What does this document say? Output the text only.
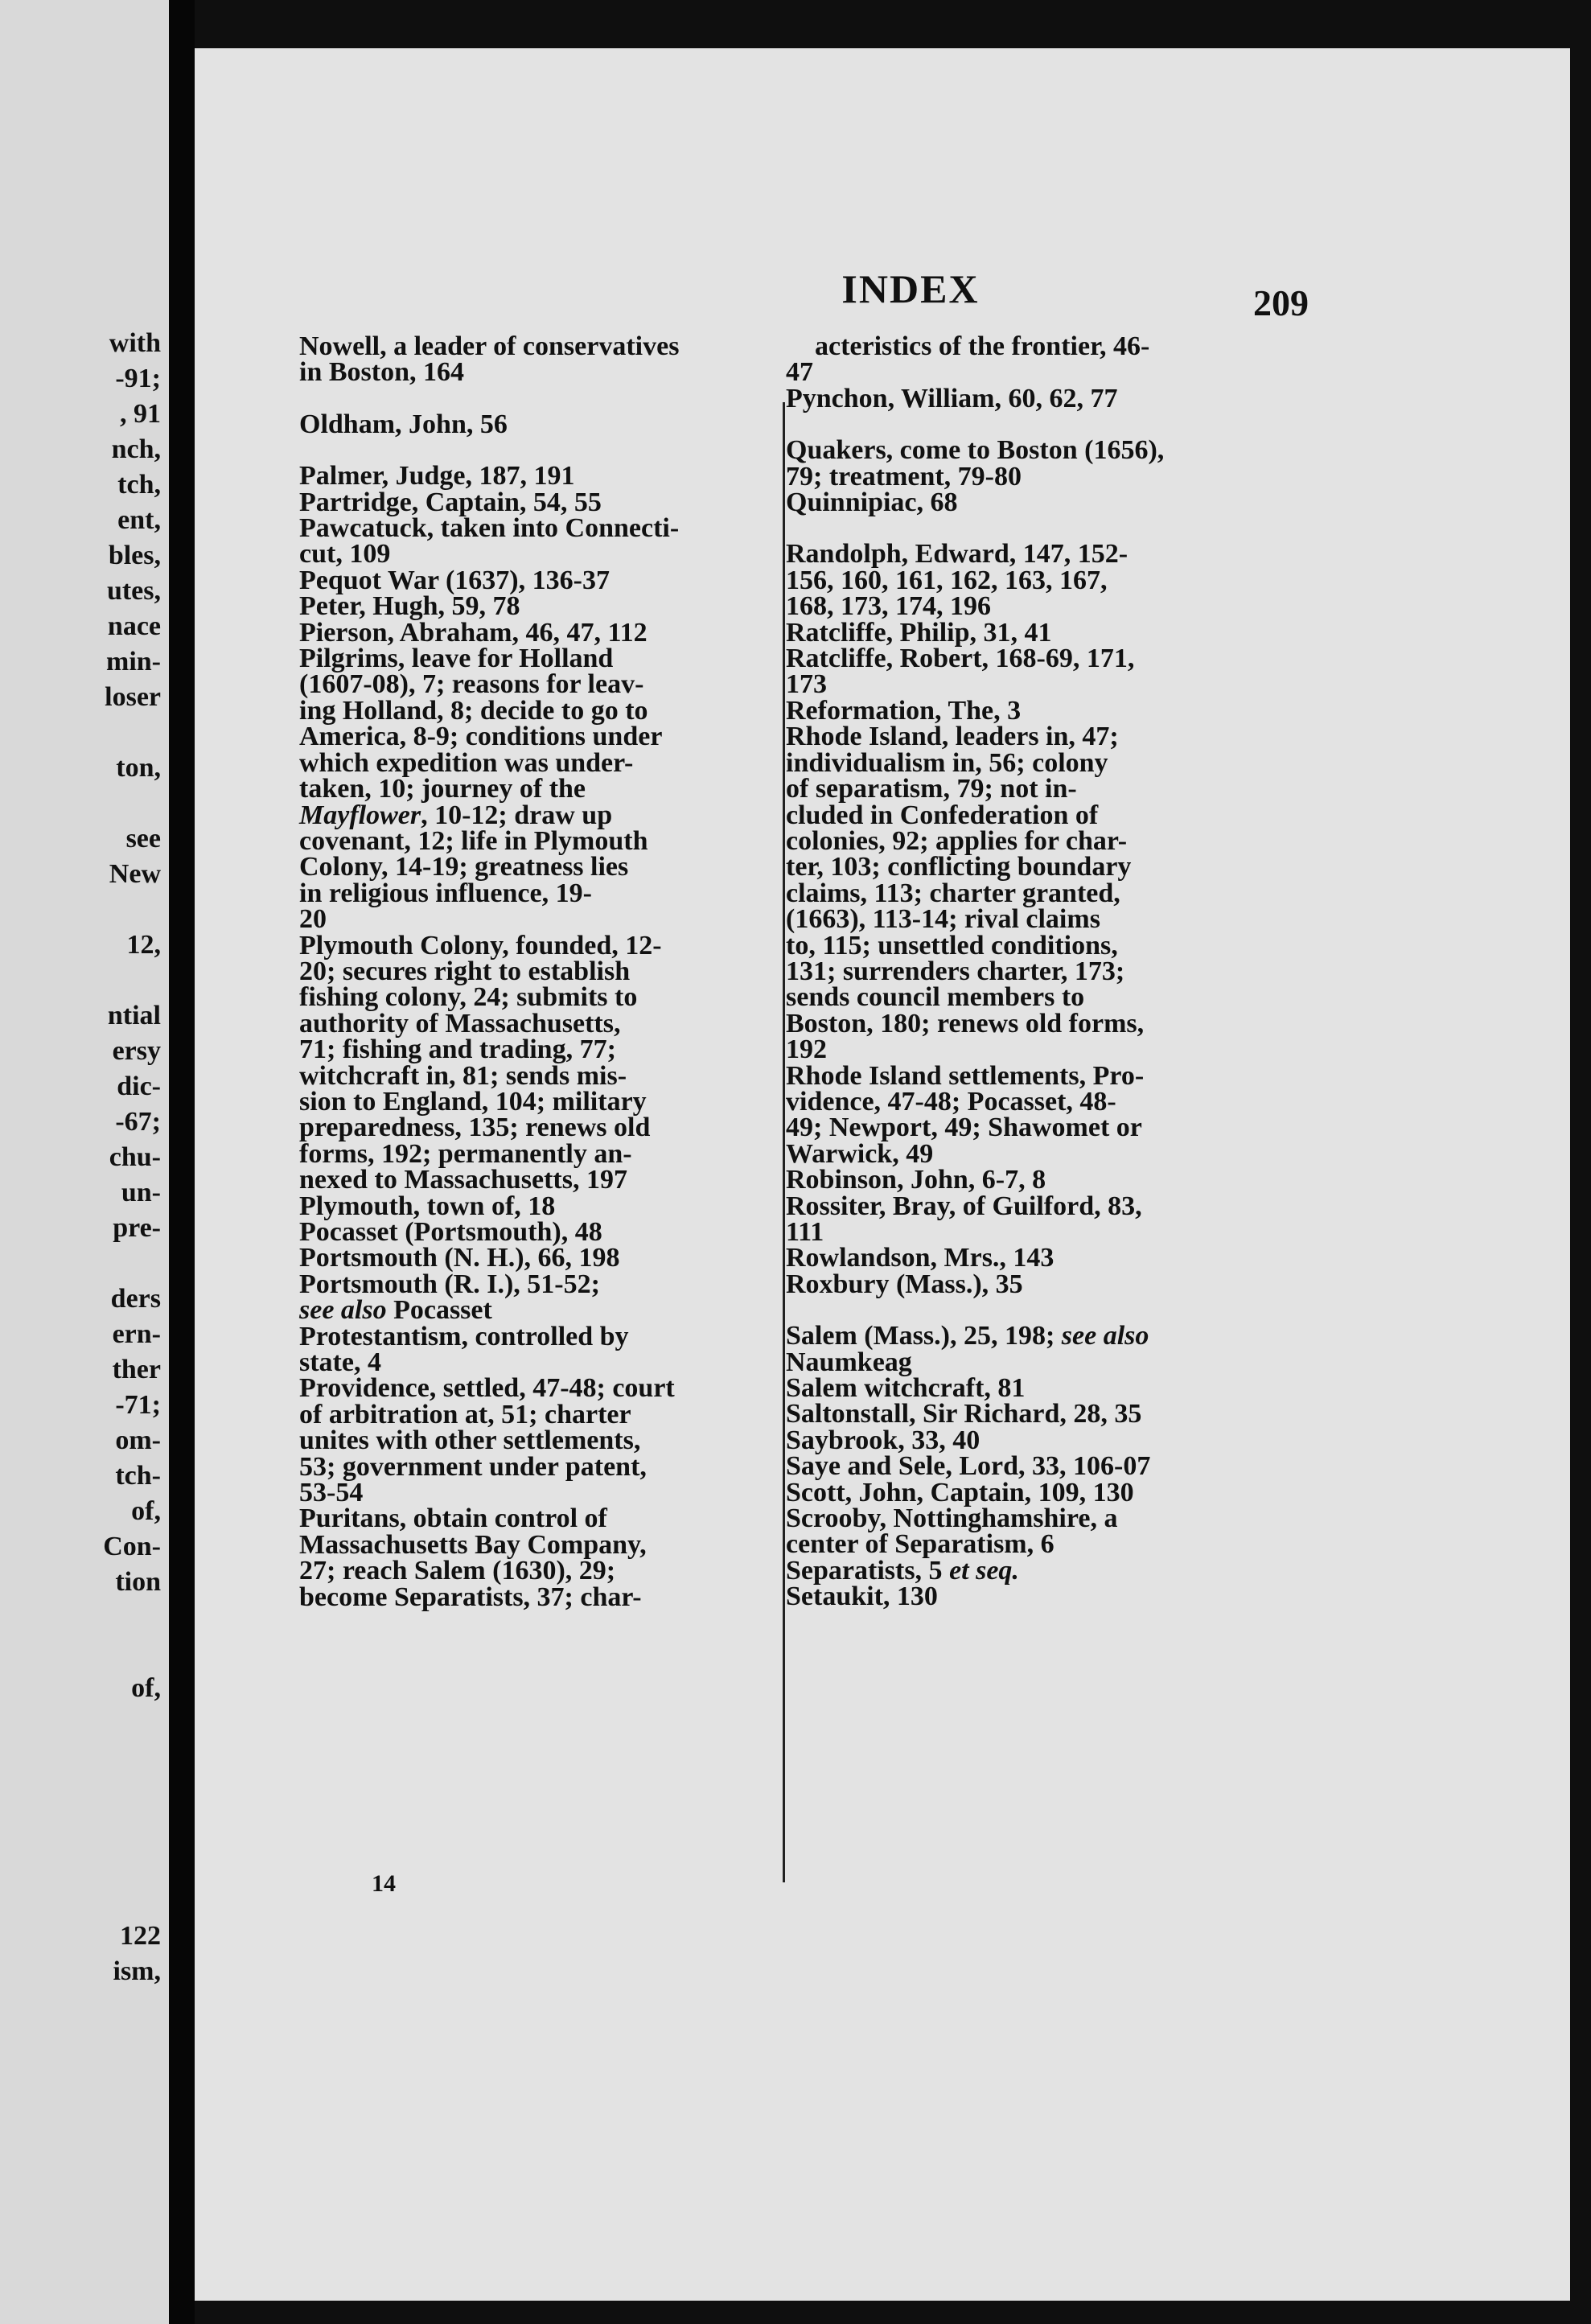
with
-91;
, 91
nch,
tch,
ent,
bles,
utes,
nace
min-
loser
ton,
see
New
12,
ntial
ersy
dic-
-67;
chu-
un-
pre-
ders
ern-
ther
-71;
om-
tch-
of,
Con-
tion
of,
122
ism,
INDEX	209
Nowell, a leader of conservatives
in Boston, 164
Oldham, John, 56
Palmer, Judge, 187, 191
Partridge, Captain, 54, 55
Pawcatuck, taken into Connecti-
cut, 109
Pequot War (1637), 136-37
Peter, Hugh, 59, 78
Pierson, Abraham, 46, 47, 112
Pilgrims, leave for Holland
(1607-08), 7; reasons for leav-
ing Holland, 8; decide to go to
America, 8-9; conditions under
which expedition was under-
taken, 10; journey of the
Mayflower, 10-12; draw up
covenant, 12; life in Plymouth
Colony, 14-19; greatness lies
in religious influence, 19-
20
Plymouth Colony, founded, 12-
20; secures right to establish
fishing colony, 24; submits to
authority of Massachusetts,
71; fishing and trading, 77;
witchcraft in, 81; sends mis-
sion to England, 104; military
preparedness, 135; renews old
forms, 192; permanently an-
nexed to Massachusetts, 197
Plymouth, town of, 18
Pocasset (Portsmouth), 48
Portsmouth (N. H.), 66, 198
Portsmouth (R. I.), 51-52;
see also Pocasset
Protestantism, controlled by
state, 4
Providence, settled, 47-48; court
of arbitration at, 51; charter
unites with other settlements,
53; government under patent,
53-54
Puritans, obtain control of
Massachusetts Bay Company,
27; reach Salem (1630), 29;
become Separatists, 37; char-
acteristics of the frontier, 46-
47
Pynchon, William, 60, 62, 77
Quakers, come to Boston (1656),
79; treatment, 79-80
Quinnipiac, 68
Randolph, Edward, 147, 152-
156, 160, 161, 162, 163, 167,
168, 173, 174, 196
Ratcliffe, Philip, 31, 41
Ratcliffe, Robert, 168-69, 171,
173
Reformation, The, 3
Rhode Island, leaders in, 47;
individualism in, 56; colony
of separatism, 79; not in-
cluded in Confederation of
colonies, 92; applies for char-
ter, 103; conflicting boundary
claims, 113; charter granted,
(1663), 113-14; rival claims
to, 115; unsettled conditions,
131; surrenders charter, 173;
sends council members to
Boston, 180; renews old forms,
192
Rhode Island settlements, Pro-
vidence, 47-48; Pocasset, 48-
49; Newport, 49; Shawomet or
Warwick, 49
Robinson, John, 6-7, 8
Rossiter, Bray, of Guilford, 83,
111
Rowlandson, Mrs., 143
Roxbury (Mass.), 35
Salem (Mass.), 25, 198; see also
Naumkeag
Salem witchcraft, 81
Saltonstall, Sir Richard, 28, 35
Saybrook, 33, 40
Saye and Sele, Lord, 33, 106-07
Scott, John, Captain, 109, 130
Scrooby, Nottinghamshire, a
center of Separatism, 6
Separatists, 5 et seq.
Setaukit, 130
14
